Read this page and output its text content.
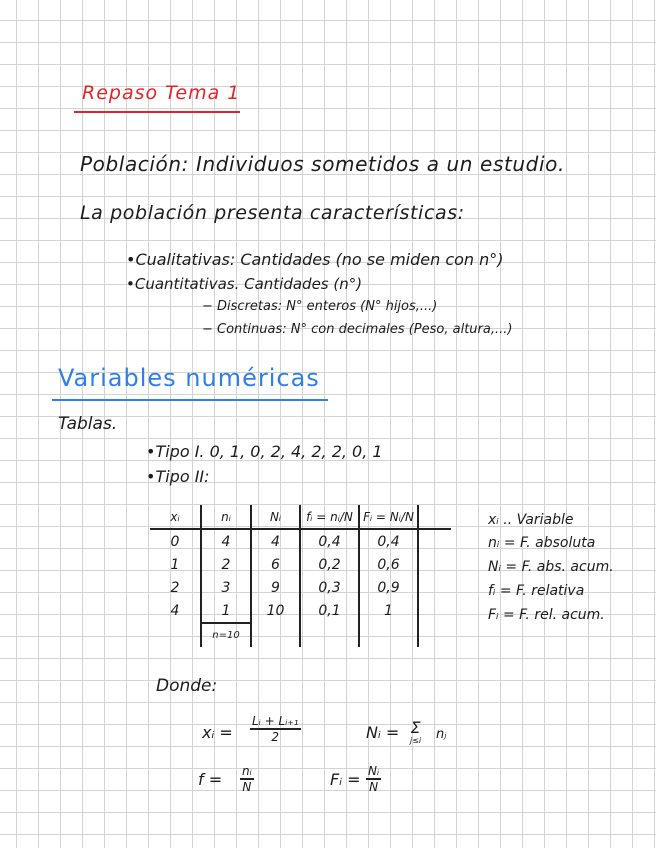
Repaso Tema 1
Población: Individuos sometidos a un estudio.
La población presenta características:
•Cualitativas: Cantidades (no se miden con n°)
•Cuantitativas. Cantidades (n°)
− Discretas: N° enteros (N° hijos,...)
− Continuas: N° con decimales (Peso, altura,...)
Variables numéricas
Tablas.
•Tipo I. 0, 1, 0, 2, 4, 2, 2, 0, 1
•Tipo II:
xᵢ	nᵢ	Nᵢ	fᵢ = nᵢ/N	Fᵢ = Nᵢ/N	
0	4	4	0,4	0,4	
1	2	6	0,2	0,6	
2	3	9	0,3	0,9	
4	1	10	0,1	1	
	n=10				
xᵢ .. Variable
nᵢ = F. absoluta
Nᵢ = F. abs. acum.
fᵢ = F. relativa
Fᵢ = F. rel. acum.
Donde:
xᵢ = $\frac{\text{Lᵢ + Lᵢ₊₁}}{2}$	Nᵢ = Σ
j≤i nⱼ
$f = \frac{\text{nᵢ}}{N}$	Fᵢ = $\frac{\text{Nᵢ}}{N}$
